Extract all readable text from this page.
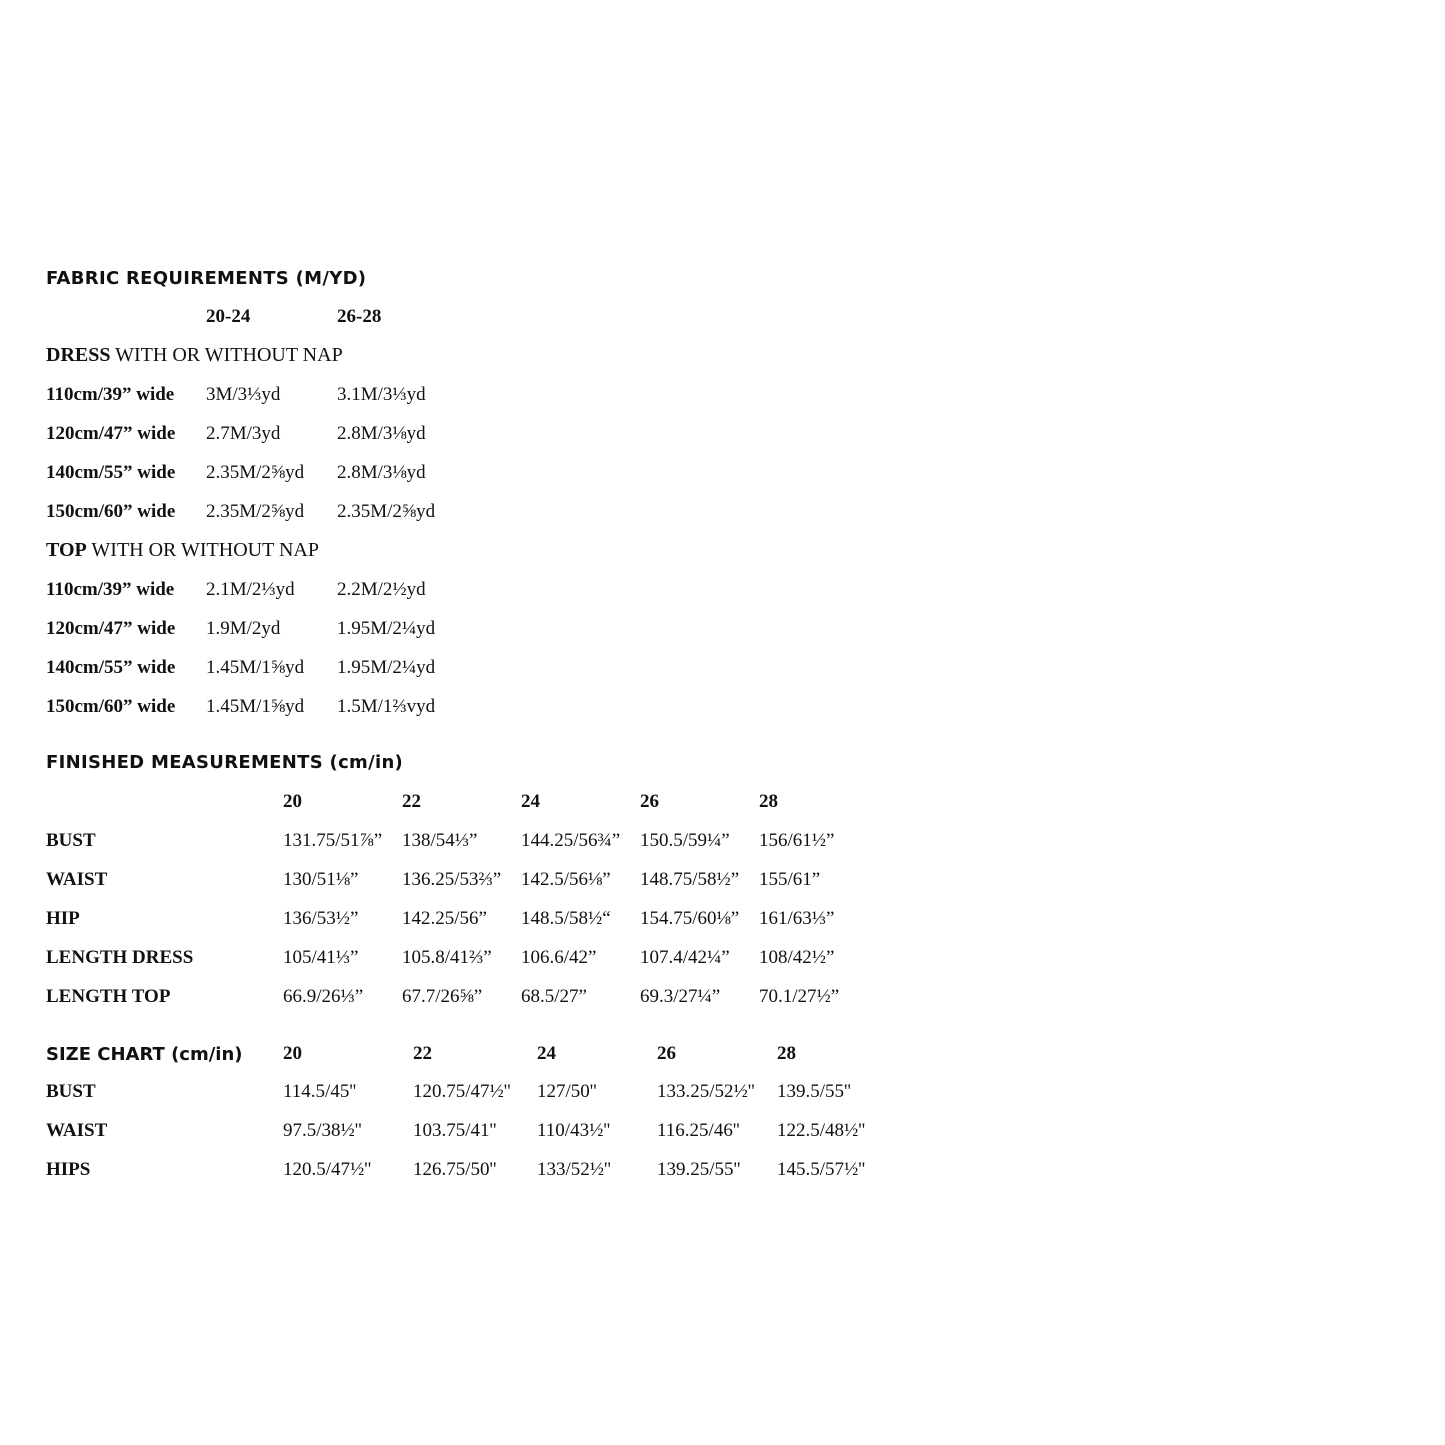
FABRIC REQUIREMENTS (M/YD)
20-24	26-28
DRESS WITH OR WITHOUT NAP
110cm/39” wide 3M/3⅓yd	3.1M/3⅓yd
120cm/47” wide 2.7M/3yd	2.8M/3⅛yd
140cm/55” wide 2.35M/2⅝yd 2.8M/3⅛yd
150cm/60” wide 2.35M/2⅝yd 2.35M/2⅝yd
TOP WITH OR WITHOUT NAP
110cm/39” wide 2.1M/2⅓yd 2.2M/2½yd
120cm/47” wide 1.9M/2yd	1.95M/2¼yd
140cm/55” wide 1.45M/1⅝yd 1.95M/2¼yd
150cm/60” wide 1.45M/1⅝yd 1.5M/1⅔vyd
FINISHED MEASUREMENTS (cm/in)
20	22	24	26	28
BUST	131.75/51⅞” 138/54⅓” 144.25/56¾” 150.5/59¼” 156/61½”
WAIST	130/51⅛” 136.25/53⅔” 142.5/56⅛” 148.75/58½” 155/61”
HIP	136/53½” 142.25/56” 148.5/58½“ 154.75/60⅛” 161/63⅓”
LENGTH DRESS	105/41⅓” 105.8/41⅔” 106.6/42” 107.4/42¼” 108/42½”
LENGTH TOP	66.9/26⅓” 67.7/26⅝” 68.5/27”	69.3/27¼” 70.1/27½”
SIZE CHART (cm/in) 20	22	24	26	28
BUST	114.5/45''	120.75/47½'' 127/50''	133.25/52½'' 139.5/55''
WAIST	97.5/38½''	103.75/41'' 110/43½'' 116.25/46'' 122.5/48½''
HIPS	120.5/47½'' 126.75/50'' 133/52½'' 139.25/55'' 145.5/57½''
